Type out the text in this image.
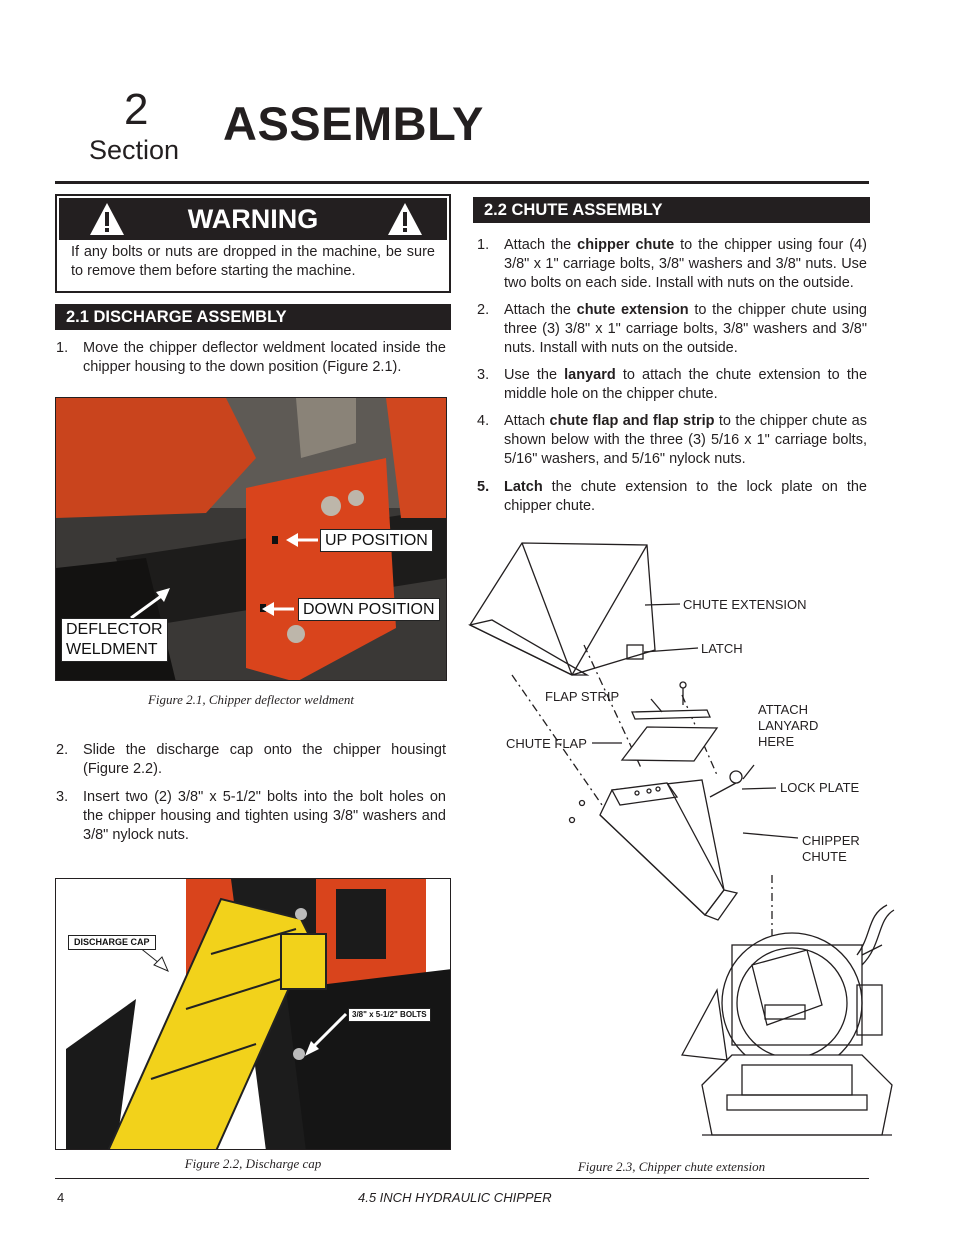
2
Section ASSEMBLY
WARNING
If any bolts or nuts are dropped in the machine, be sure to remove them before starting the machine.
2.1 DISCHARGE ASSEMBLY
1. Move the chipper deflector weldment located inside the chipper housing to the down position (Figure 2.1).
UP POSITION
DOWN POSITION
DEFLECTOR
WELDMENT
Figure 2.1, Chipper deflector weldment
2. Slide the discharge cap onto the chipper housingt (Figure 2.2).
3. Insert two (2) 3/8" x 5-1/2" bolts into the bolt holes on the chipper housing and tighten using 3/8" washers and 3/8" nylock nuts.
DISCHARGE CAP
3/8" x 5-1/2" BOLTS
Figure 2.2, Discharge cap
2.2 CHUTE ASSEMBLY
1. Attach the chipper chute to the chipper using four (4) 3/8" x 1" carriage bolts, 3/8" washers and 3/8" nuts. Use two bolts on each side. Install with nuts on the outside.
2. Attach the chute extension to the chipper chute using three (3) 3/8" x 1" carriage bolts, 3/8" washers and 3/8" nuts. Install with nuts on the outside.
3. Use the lanyard to attach the chute extension to the middle hole on the chipper chute.
4. Attach chute flap and flap strip to the chipper chute as shown below with the three (3) 5/16 x 1" carriage bolts, 5/16" washers, and 5/16" nylock nuts.
5. Latch the chute extension to the lock plate on the chipper chute.
CHUTE EXTENSION
LATCH
FLAP STRIP
ATTACH
LANYARD
HERE
CHUTE FLAP
LOCK PLATE
CHIPPER
CHUTE
Figure 2.3, Chipper chute extension
4	4.5 INCH HYDRAULIC CHIPPER
